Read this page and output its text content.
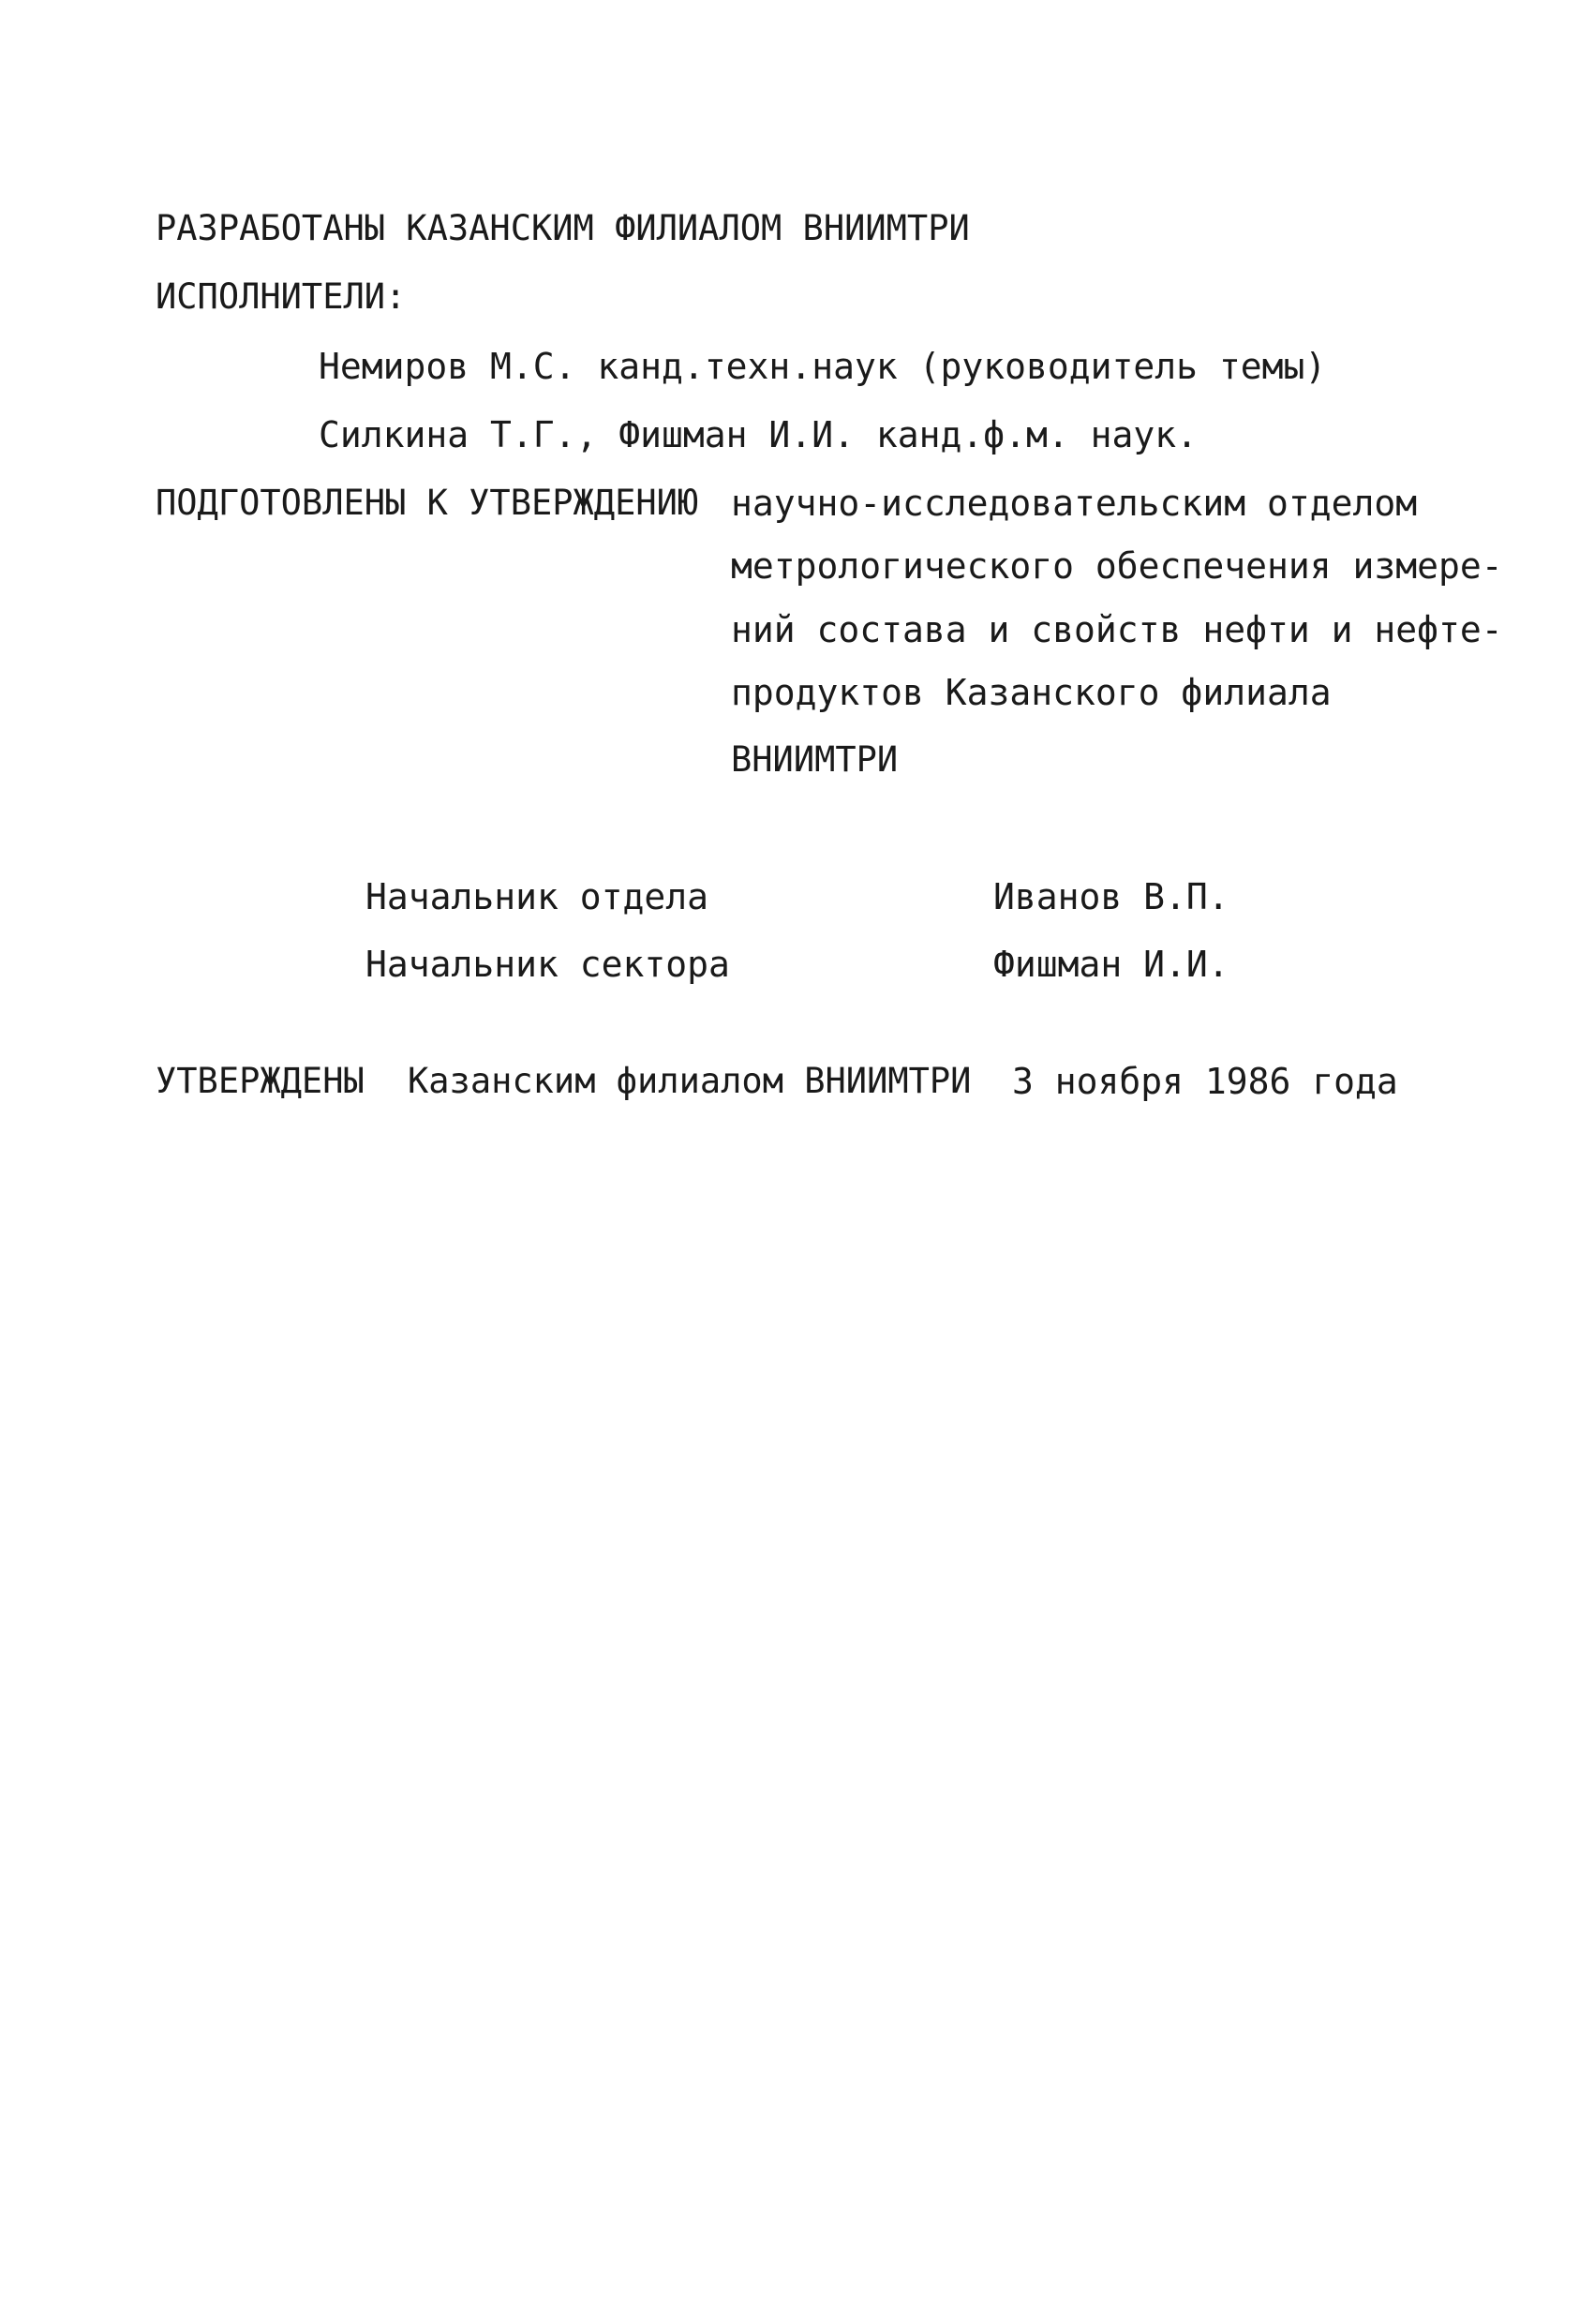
РАЗРАБОТАНЫ КАЗАНСКИМ ФИЛИАЛОМ ВНИИМТРИ
ИСПОЛНИТЕЛИ:
Немиров М.С. канд.техн.наук (руководитель темы)
Силкина Т.Г., Фишман И.И. канд.ф.м. наук.
ПОДГОТОВЛЕНЫ К УТВЕРЖДЕНИЮ научно-исследовательским отделом
метрологического обеспечения измере-
ний состава и свойств нефти и нефте-
продуктов Казанского филиала
ВНИИМТРИ
Начальник отдела	Иванов В.П.
Начальник сектора	Фишман И.И.
УТВЕРЖДЕНЫ Казанским филиалом ВНИИМТРИ 3 ноября 1986 года
